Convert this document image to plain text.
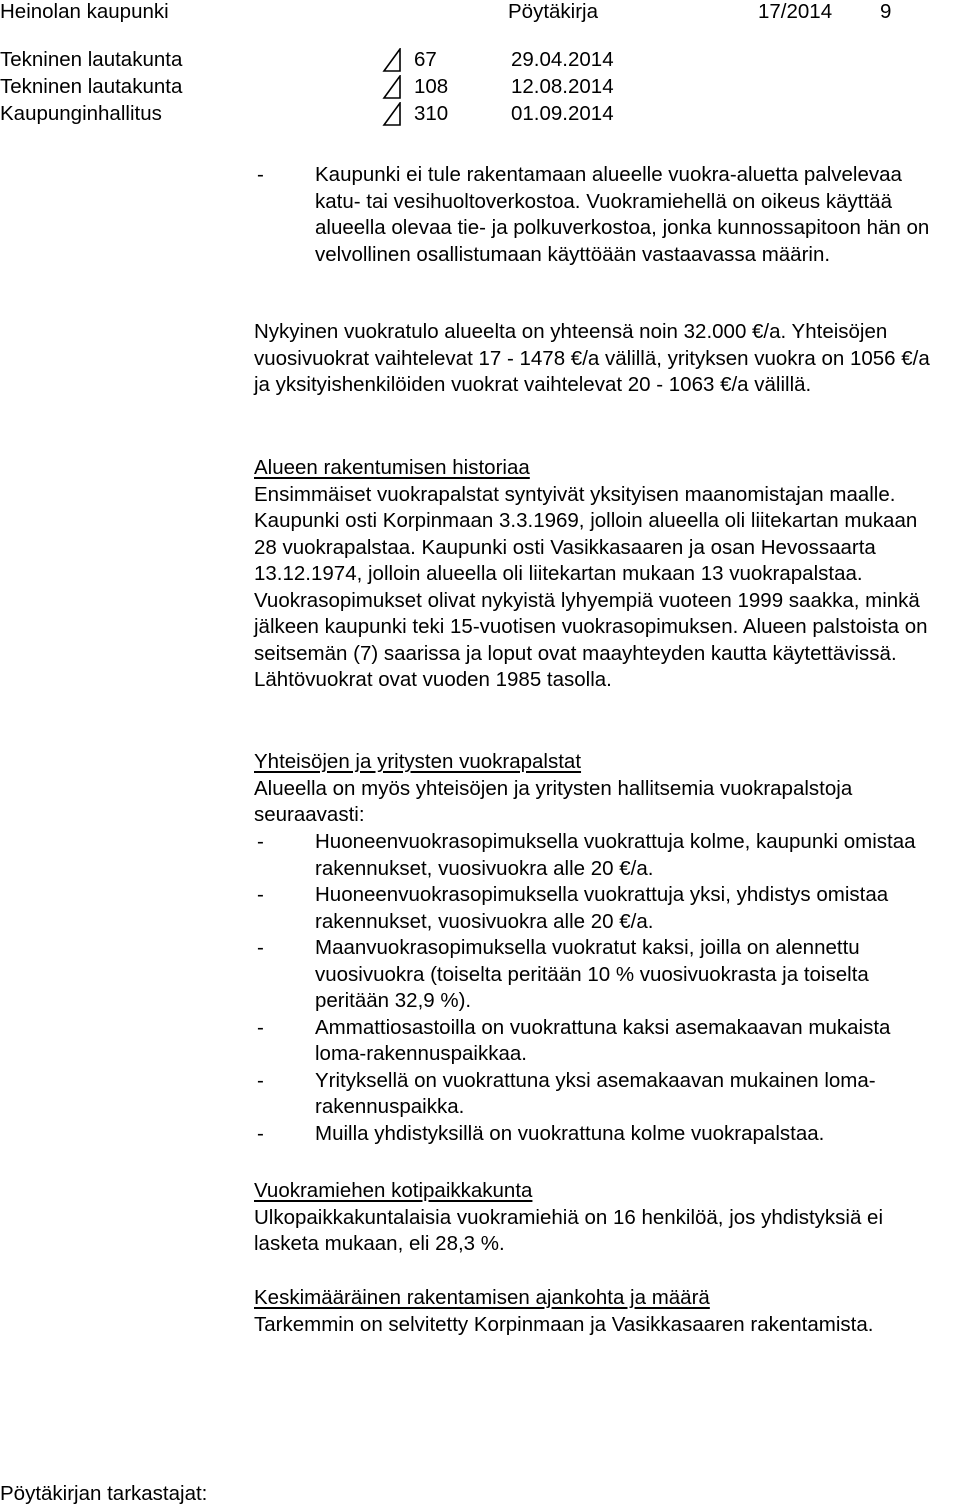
Heinolan kaupunki	Pöytäkirja	17/2014 9
Tekninen lautakunta	67	29.04.2014
Tekninen lautakunta	108	12.08.2014
Kaupunginhallitus	310	01.09.2014
- Kaupunki ei tule rakentamaan alueelle vuokra-aluetta palvelevaa katu- tai vesihuoltoverkostoa. Vuokramiehellä on oikeus käyttää alueella olevaa tie- ja polkuverkostoa, jonka kunnossapitoon hän on velvollinen osallistumaan käyttöään vastaavassa määrin.

Nykyinen vuokratulo alueelta on yhteensä noin 32.000 €/a. Yhteisöjen vuosivuokrat vaihtelevat 17 - 1478 €/a välillä, yrityksen vuokra on 1056 €/a ja yksityishenkilöiden vuokrat vaihtelevat 20 - 1063 €/a välillä.

Alueen rakentumisen historiaa

Ensimmäiset vuokrapalstat syntyivät yksityisen maanomistajan maalle. Kaupunki osti Korpinmaan 3.3.1969, jolloin alueella oli liitekartan mukaan 28 vuokrapalstaa. Kaupunki osti Vasikkasaaren ja osan Hevossaarta 13.12.1974, jolloin alueella oli liitekartan mukaan 13 vuokrapalstaa. Vuokrasopimukset olivat nykyistä lyhyempiä vuoteen 1999 saakka, minkä jälkeen kaupunki teki 15-vuotisen vuokrasopimuksen. Alueen palstoista on seitsemän (7) saarissa ja loput ovat maayhteyden kautta käytettävissä. Lähtövuokrat ovat vuoden 1985 tasolla.

Yhteisöjen ja yritysten vuokrapalstat

Alueella on myös yhteisöjen ja yritysten hallitsemia vuokrapalstoja seuraavasti:

- Huoneenvuokrasopimuksella vuokrattuja kolme, kaupunki omistaa rakennukset, vuosivuokra alle 20 €/a.
- Huoneenvuokrasopimuksella vuokrattuja yksi, yhdistys omistaa rakennukset, vuosivuokra alle 20 €/a.
- Maanvuokrasopimuksella vuokratut kaksi, joilla on alennettu vuosivuokra (toiselta peritään 10 % vuosivuokrasta ja toiselta peritään 32,9 %).
- Ammattiosastoilla on vuokrattuna kaksi asemakaavan mukaista loma-rakennuspaikkaa.
- Yrityksellä on vuokrattuna yksi asemakaavan mukainen lomarakennuspaikka.
- Muilla yhdistyksillä on vuokrattuna kolme vuokrapalstaa.

Vuokramiehen kotipaikkakunta

Ulkopaikkakuntalaisia vuokramiehiä on 16 henkilöä, jos yhdistyksiä ei lasketa mukaan, eli 28,3 %.

Keskimääräinen rakentamisen ajankohta ja määrä

Tarkemmin on selvitetty Korpinmaan ja Vasikkasaaren rakentamista.

Pöytäkirjan tarkastajat:
